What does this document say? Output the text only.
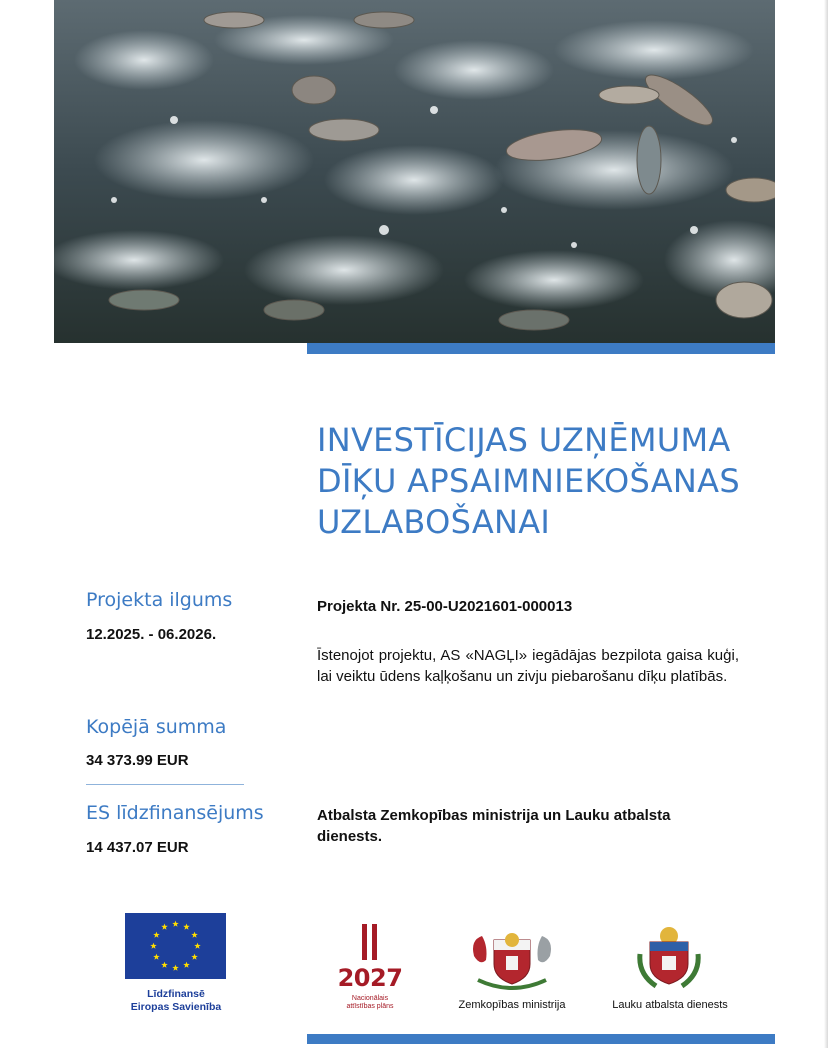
INVESTĪCIJAS UZŅĒMUMA
DĪĶU APSAIMNIEKOŠANAS
UZLABOŠANAI
Projekta ilgums
12.2025. - 06.2026.
Kopējā summa
34 373.99 EUR
ES līdzfinansējums
14 437.07 EUR
Projekta Nr. 25-00-U2021601-000013
Īstenojot projektu, AS «NAGĻI» iegādājas bezpilota gaisa kuģi, lai veiktu ūdens kaļķošanu un zivju piebarošanu dīķu platībās.
Atbalsta Zemkopības ministrija un Lauku atbalsta dienests.
Līdzfinansē
Eiropas Savienība
2027
Nacionālais
attīstības plāns	Zemkopības ministrija	Lauku atbalsta dienests
